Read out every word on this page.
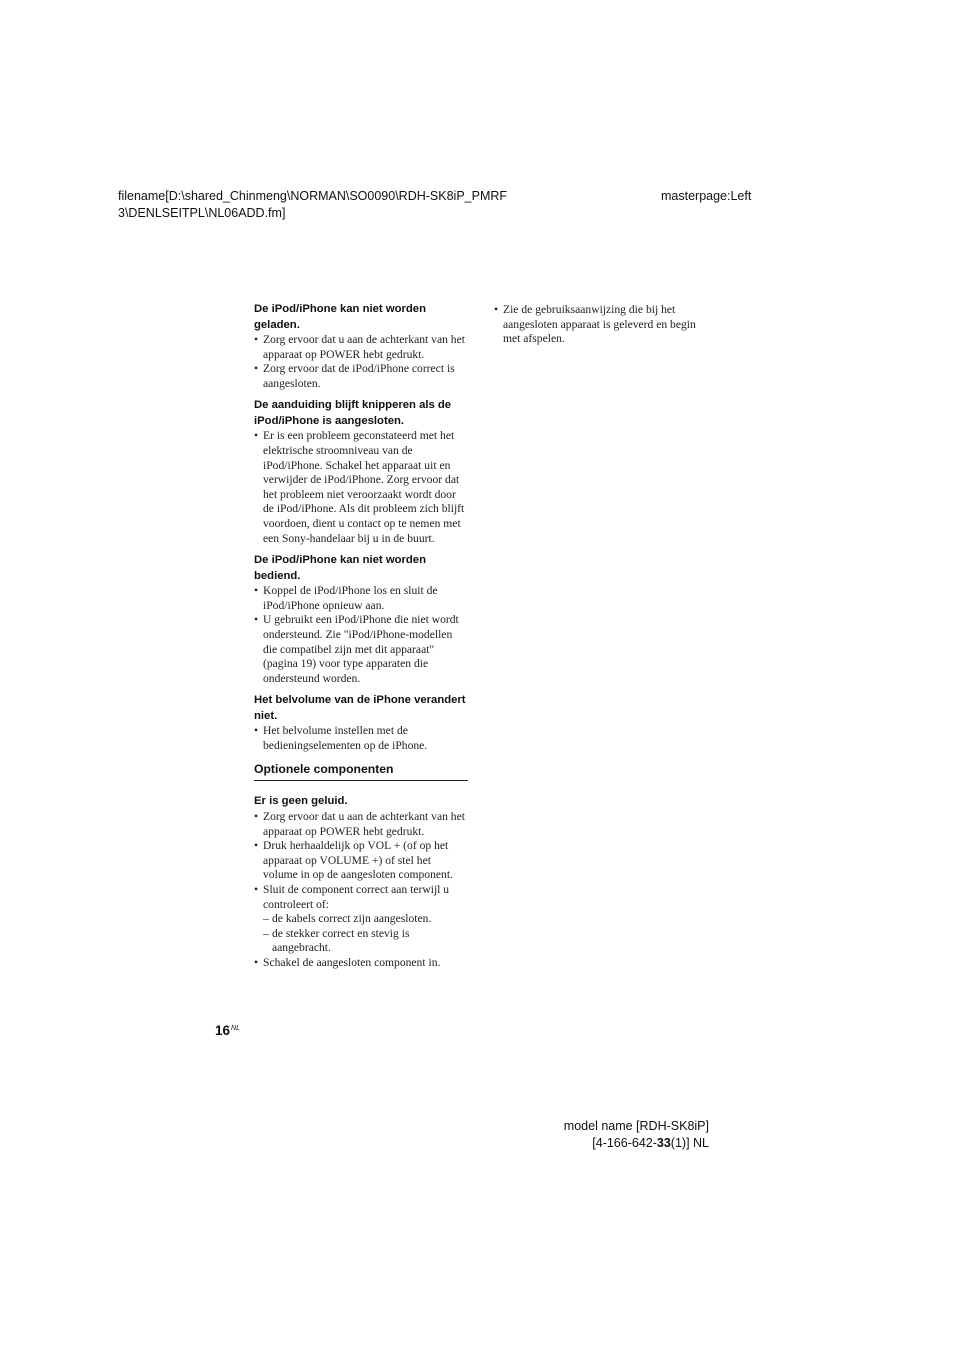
filename[D:\shared_Chinmeng\NORMAN\SO0090\RDH-SK8iP_PMRF
3\DENLSEITPL\NL06ADD.fm]
masterpage:Left

De iPod/iPhone kan niet worden geladen.

• Zorg ervoor dat u aan de achterkant van het apparaat op POWER hebt gedrukt.
• Zorg ervoor dat de iPod/iPhone correct is aangesloten.

De aanduiding blijft knipperen als de iPod/iPhone is aangesloten.

• Er is een probleem geconstateerd met het elektrische stroomniveau van de iPod/iPhone. Schakel het apparaat uit en verwijder de iPod/iPhone. Zorg ervoor dat het probleem niet veroorzaakt wordt door de iPod/iPhone. Als dit probleem zich blijft voordoen, dient u contact op te nemen met een Sony-handelaar bij u in de buurt.

De iPod/iPhone kan niet worden bediend.

• Koppel de iPod/iPhone los en sluit de iPod/iPhone opnieuw aan.
• U gebruikt een iPod/iPhone die niet wordt ondersteund. Zie "iPod/iPhone-modellen die compatibel zijn met dit apparaat" (pagina 19) voor type apparaten die ondersteund worden.

Het belvolume van de iPhone verandert niet.

• Het belvolume instellen met de bedieningselementen op de iPhone.
Optionele componenten

Er is geen geluid.

• Zorg ervoor dat u aan de achterkant van het apparaat op POWER hebt gedrukt.
• Druk herhaaldelijk op VOL + (of op het apparaat op VOLUME +) of stel het volume in op de aangesloten component.
• Sluit de component correct aan terwijl u controleert of:
– de kabels correct zijn aangesloten.
– de stekker correct en stevig is aangebracht.
• Schakel de aangesloten component in.
• Zie de gebruiksaanwijzing die bij het aangesloten apparaat is geleverd en begin met afspelen.
$16^{NL}$
model name [RDH-SK8iP]
[4-166-642-33(1)] NL
